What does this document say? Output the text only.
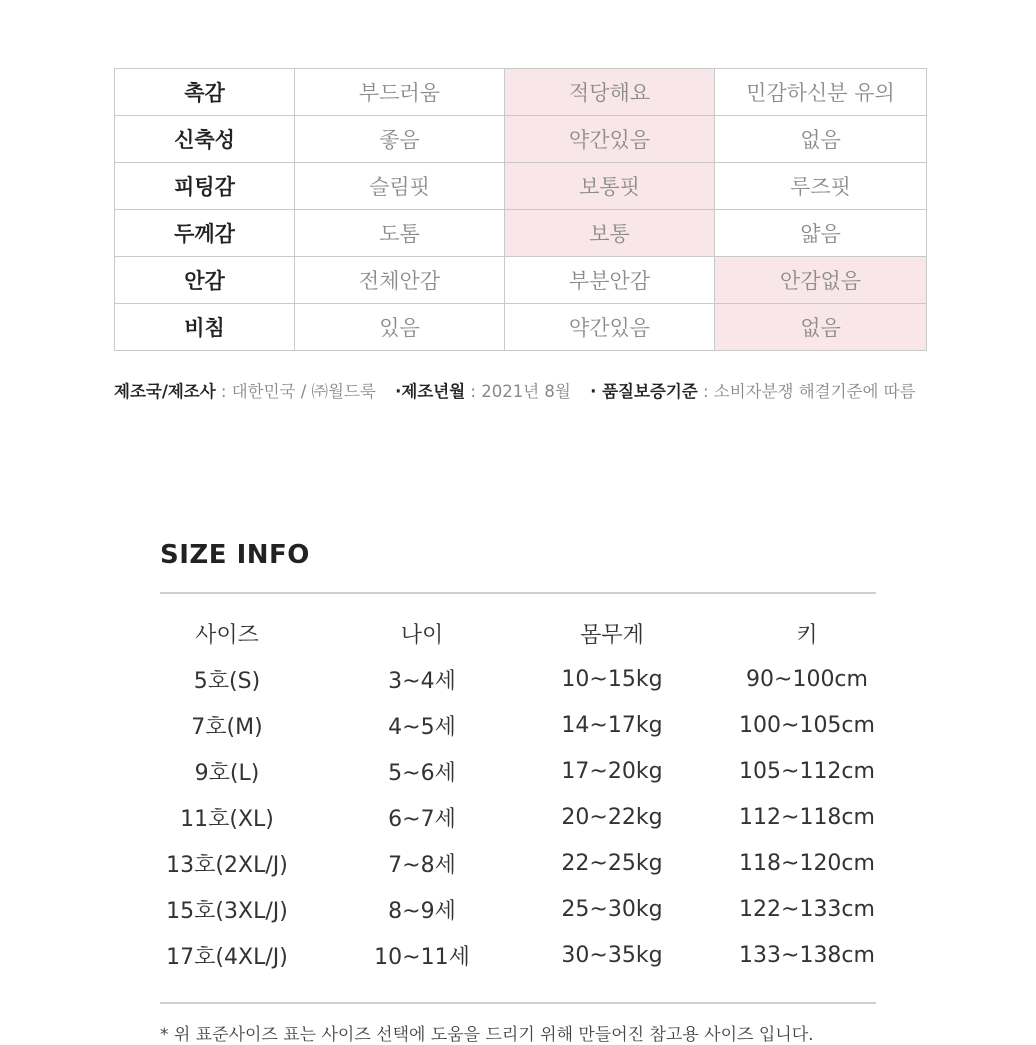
촉감	부드러움	적당해요	민감하신분 유의
신축성	좋음	약간있음	없음
피팅감	슬림핏	보통핏	루즈핏
두께감	도톰	보통	얇음
안감	전체안감	부분안감	안감없음
비침	있음	약간있음	없음
제조국/제조사 : 대한민국 / ㈜월드룩 ·제조년월 : 2021년 8월 · 품질보증기준 : 소비자분쟁 해결기준에 따름
SIZE INFO
사이즈	나이	몸무게	키
5호(S)	3~4세	10~15kg	90~100cm
7호(M)	4~5세	14~17kg	100~105cm
9호(L)	5~6세	17~20kg	105~112cm
11호(XL)	6~7세	20~22kg	112~118cm
13호(2XL/J)	7~8세	22~25kg	118~120cm
15호(3XL/J)	8~9세	25~30kg	122~133cm
17호(4XL/J)	10~11세	30~35kg	133~138cm
* 위 표준사이즈 표는 사이즈 선택에 도움을 드리기 위해 만들어진 참고용 사이즈 입니다.
